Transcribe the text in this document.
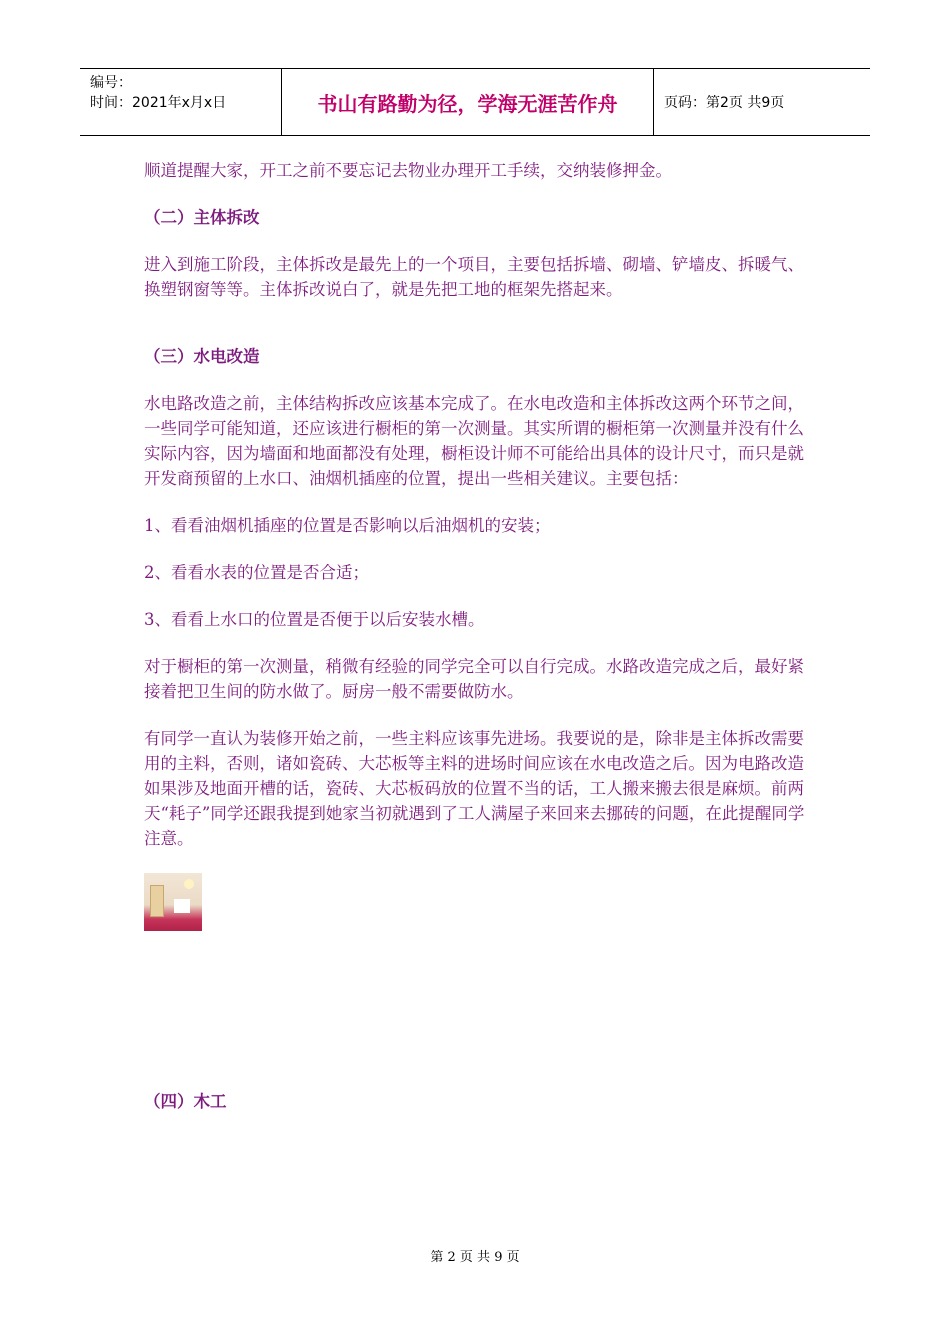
编号：
时间：2021年x月x日	书山有路勤为径，学海无涯苦作舟	页码：第2页 共9页

顺道提醒大家，开工之前不要忘记去物业办理开工手续，交纳装修押金。

（二）主体拆改

进入到施工阶段，主体拆改是最先上的一个项目，主要包括拆墙、砌墙、铲墙皮、拆暖气、换塑钢窗等等。主体拆改说白了，就是先把工地的框架先搭起来。

（三）水电改造

水电路改造之前，主体结构拆改应该基本完成了。在水电改造和主体拆改这两个环节之间，一些同学可能知道，还应该进行橱柜的第一次测量。其实所谓的橱柜第一次测量并没有什么实际内容，因为墙面和地面都没有处理，橱柜设计师不可能给出具体的设计尺寸，而只是就开发商预留的上水口、油烟机插座的位置，提出一些相关建议。主要包括：

1、看看油烟机插座的位置是否影响以后油烟机的安装；

2、看看水表的位置是否合适；

3、看看上水口的位置是否便于以后安装水槽。

对于橱柜的第一次测量，稍微有经验的同学完全可以自行完成。水路改造完成之后，最好紧接着把卫生间的防水做了。厨房一般不需要做防水。

有同学一直认为装修开始之前，一些主料应该事先进场。我要说的是，除非是主体拆改需要用的主料，否则，诸如瓷砖、大芯板等主料的进场时间应该在水电改造之后。因为电路改造如果涉及地面开槽的话，瓷砖、大芯板码放的位置不当的话，工人搬来搬去很是麻烦。前两天“耗子”同学还跟我提到她家当初就遇到了工人满屋子来回来去挪砖的问题，在此提醒同学注意。

（四）木工
第 2 页 共 9 页
